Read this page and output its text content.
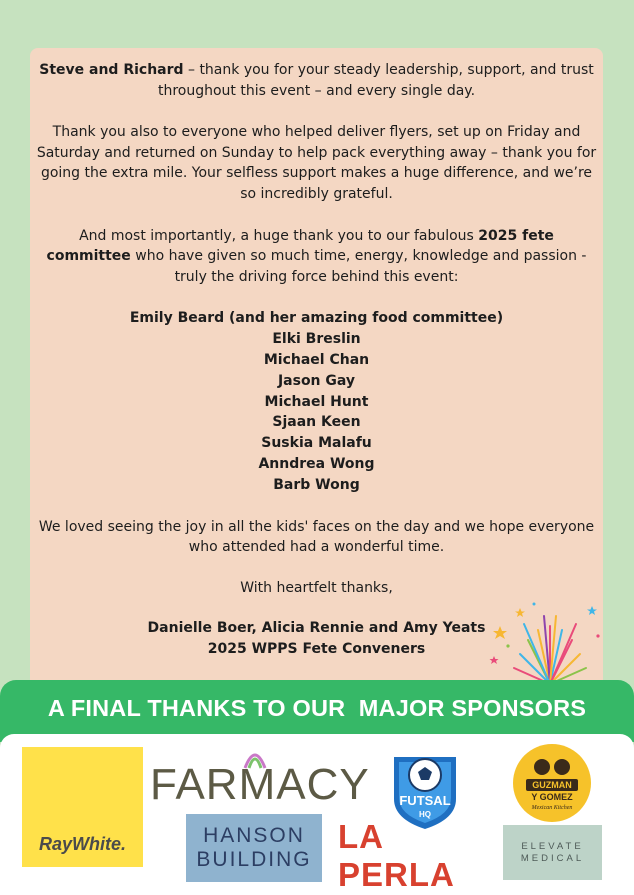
Steve and Richard – thank you for your steady leadership, support, and trust throughout this event – and every single day.

Thank you also to everyone who helped deliver flyers, set up on Friday and Saturday and returned on Sunday to help pack everything away – thank you for going the extra mile. Your selfless support makes a huge difference, and we’re so incredibly grateful.

And most importantly, a huge thank you to our fabulous 2025 fete committee who have given so much time, energy, knowledge and passion - truly the driving force behind this event:

Emily Beard (and her amazing food committee)
Elki Breslin
Michael Chan
Jason Gay
Michael Hunt
Sjaan Keen
Suskia Malafu
Anndrea Wong
Barb Wong

We loved seeing the joy in all the kids' faces on the day and we hope everyone who attended had a wonderful time.

With heartfelt thanks,

Danielle Boer, Alicia Rennie and Amy Yeats

2025 WPPS Fete Conveners

A FINAL THANKS TO OUR  MAJOR SPONSORS
RayWhite.
FARMACY
HANSON
BUILDING
FUTSAL
HQ
LA PERLA
GUZMAN
Y GOMEZ
Mexican Kitchen
ELEVATE
MEDICAL
